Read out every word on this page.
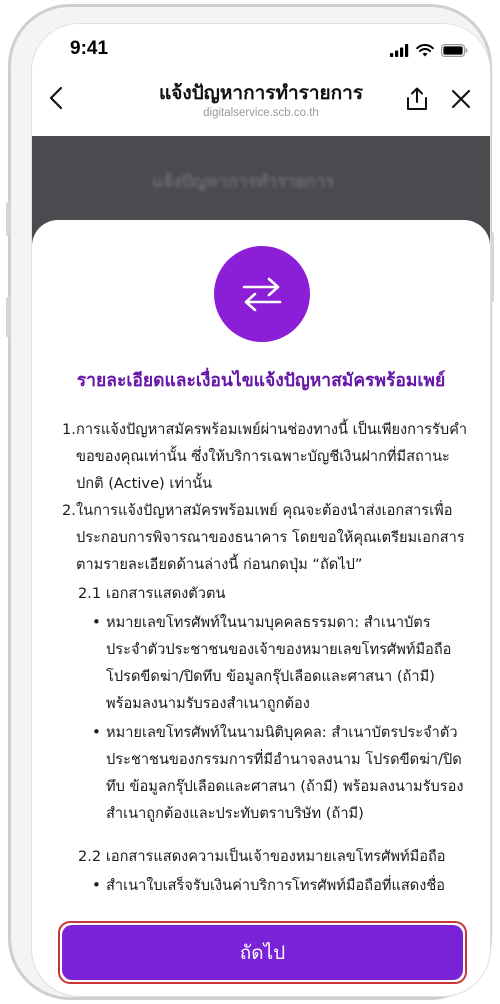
9:41
แจ้งปัญหาการทำรายการ
digitalservice.scb.co.th
แจ้งปัญหาการทำรายการ
รายละเอียดและเงื่อนไขแจ้งปัญหาสมัครพร้อมเพย์
1. การแจ้งปัญหาสมัครพร้อมเพย์ผ่านช่องทางนี้ เป็นเพียงการรับคำขอของคุณเท่านั้น ซึ่งให้บริการเฉพาะบัญชีเงินฝากที่มีสถานะปกติ (Active) เท่านั้น
2. ในการแจ้งปัญหาสมัครพร้อมเพย์ คุณจะต้องนำส่งเอกสารเพื่อประกอบการพิจารณาของธนาคาร โดยขอให้คุณเตรียมเอกสารตามรายละเอียดด้านล่างนี้ ก่อนกดปุ่ม “ถัดไป”
2.1 เอกสารแสดงตัวตน
• หมายเลขโทรศัพท์ในนามบุคคลธรรมดา: สำเนาบัตรประจำตัวประชาชนของเจ้าของหมายเลขโทรศัพท์มือถือ โปรดขีดฆ่า/ปิดทึบ ข้อมูลกรุ๊ปเลือดและศาสนา (ถ้ามี) พร้อมลงนามรับรองสำเนาถูกต้อง
• หมายเลขโทรศัพท์ในนามนิติบุคคล: สำเนาบัตรประจำตัวประชาชนของกรรมการที่มีอำนาจลงนาม โปรดขีดฆ่า/ปิดทึบ ข้อมูลกรุ๊ปเลือดและศาสนา (ถ้ามี) พร้อมลงนามรับรองสำเนาถูกต้องและประทับตราบริษัท (ถ้ามี)
2.2 เอกสารแสดงความเป็นเจ้าของหมายเลขโทรศัพท์มือถือ
• สำเนาใบเสร็จรับเงินค่าบริการโทรศัพท์มือถือที่แสดงชื่อ
ถัดไป
